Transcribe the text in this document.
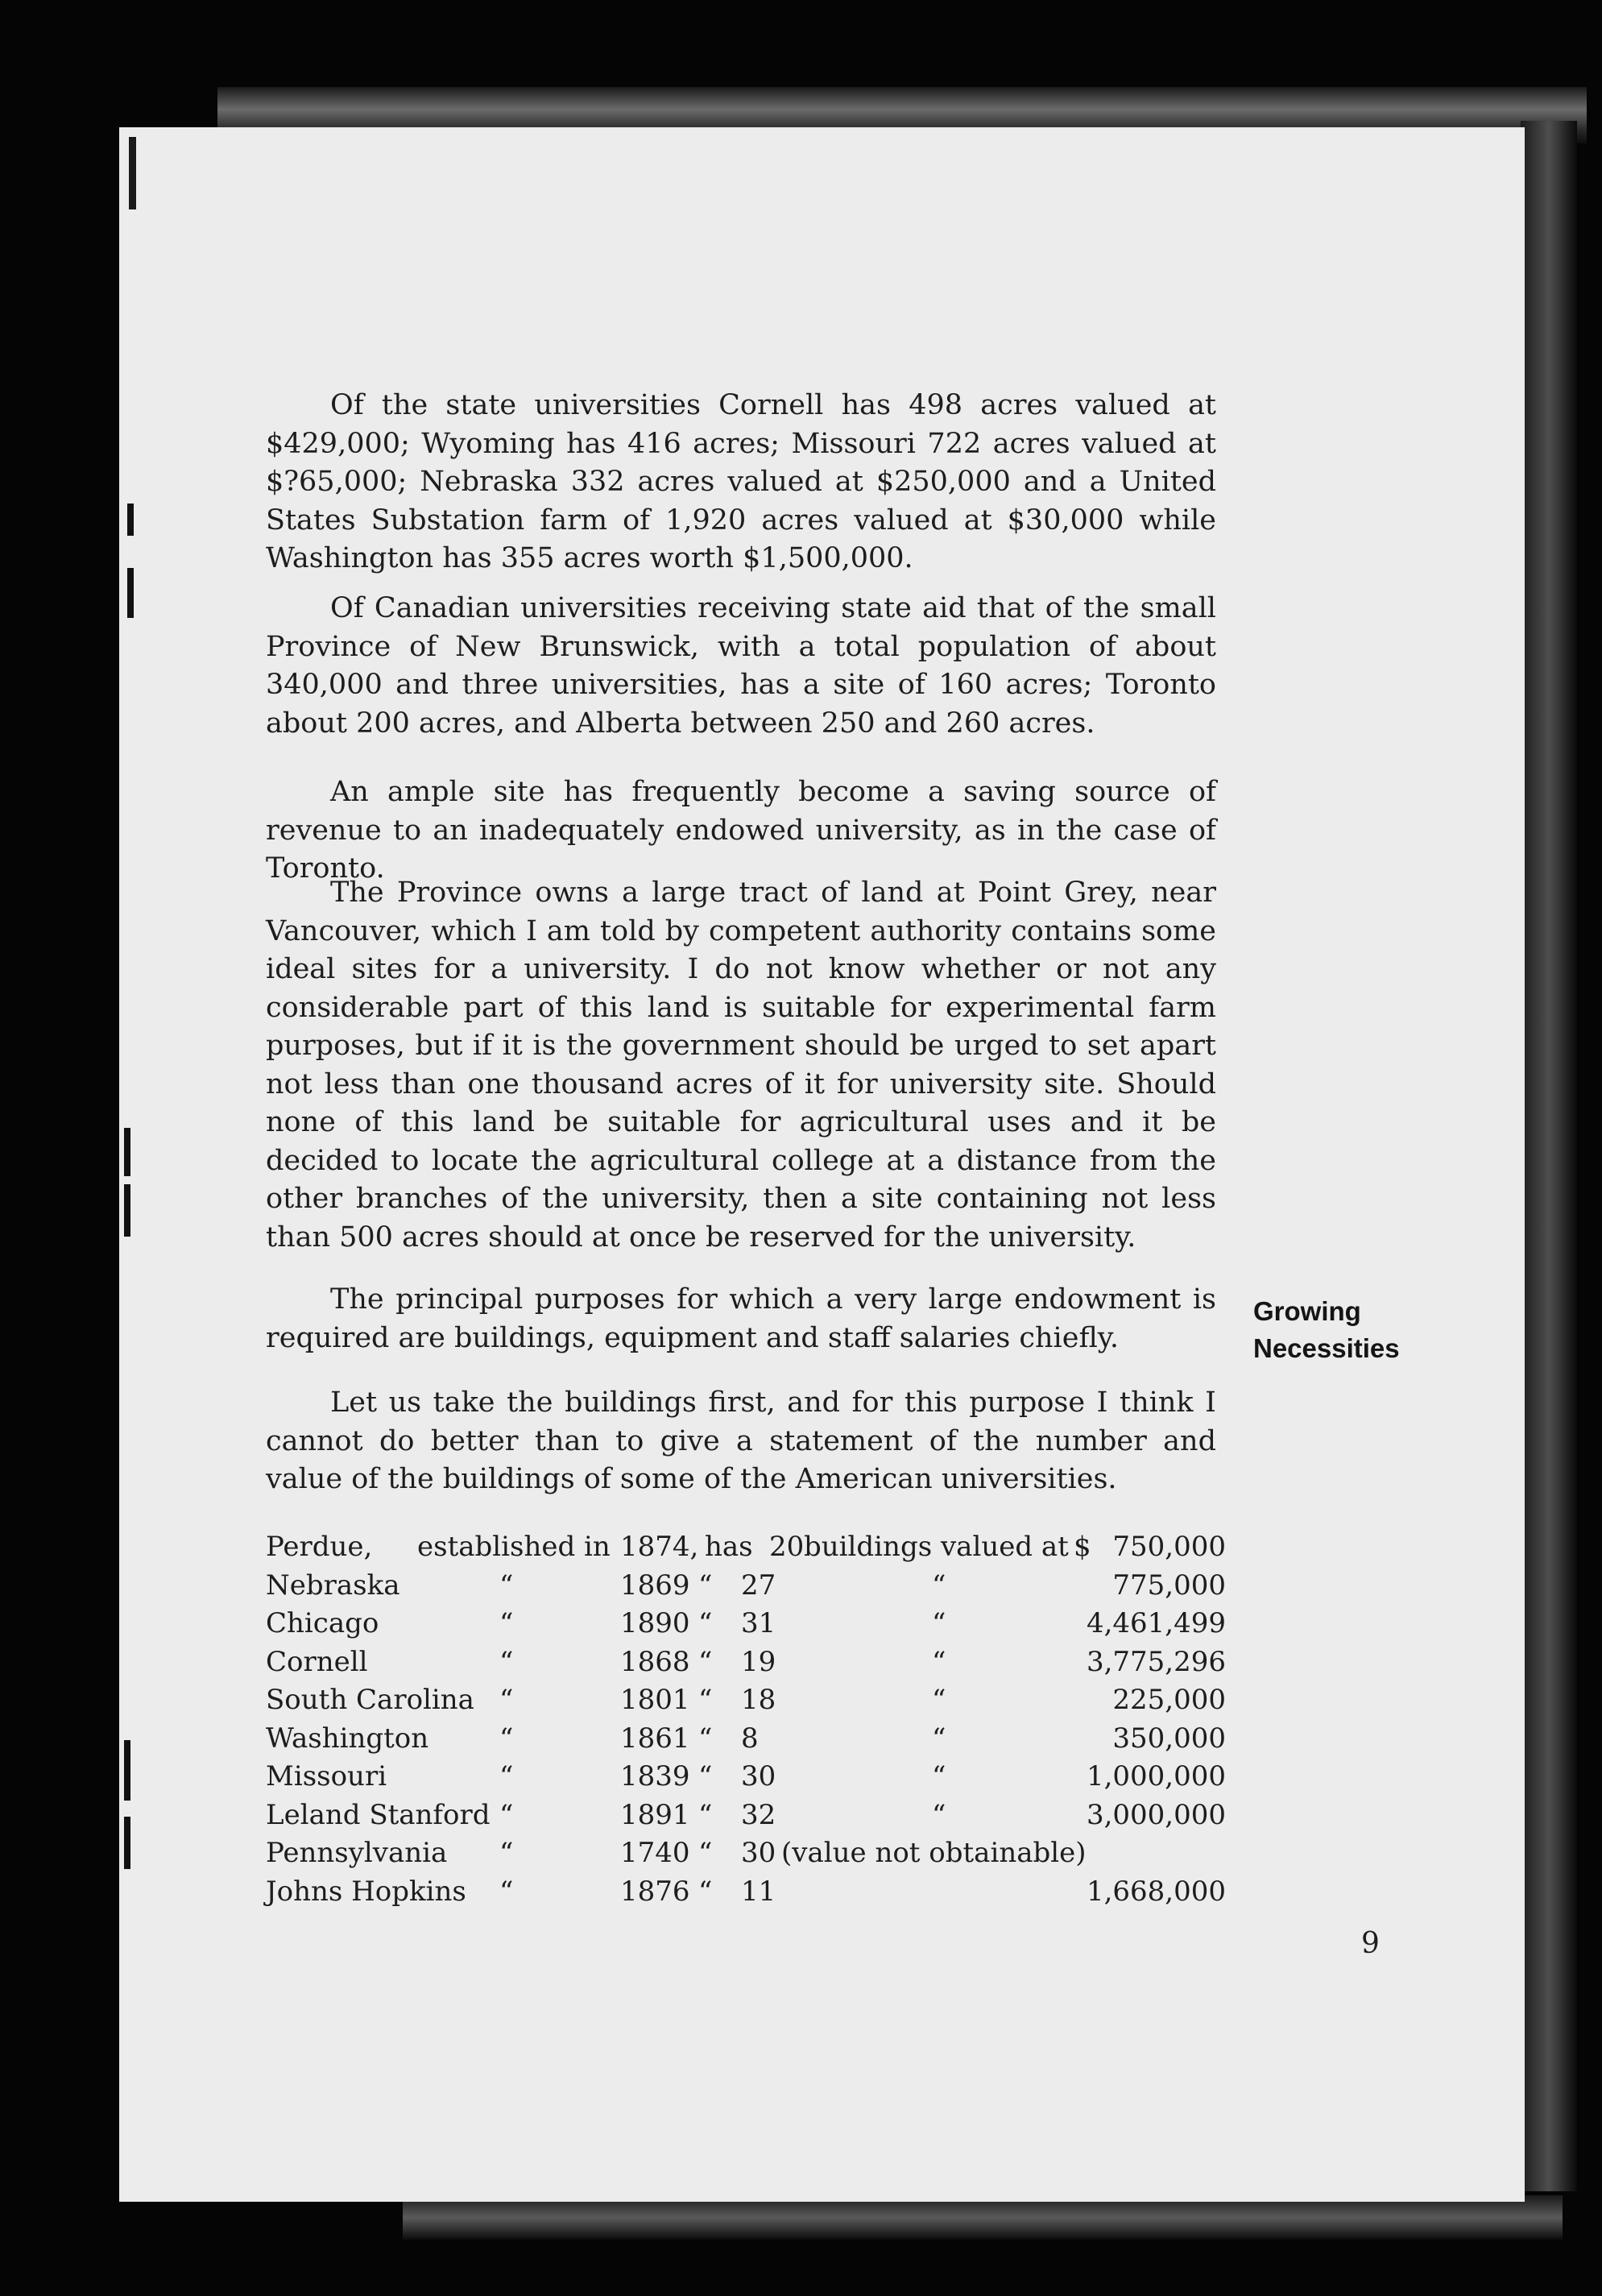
Of the state universities Cornell has 498 acres valued at $429,000; Wyoming has 416 acres; Missouri 722 acres valued at $?65,000; Nebraska 332 acres valued at $250,000 and a United States Substation farm of 1,920 acres valued at $30,000 while Washington has 355 acres worth $1,500,000.

Of Canadian universities receiving state aid that of the small Province of New Brunswick, with a total population of about 340,000 and three universities, has a site of 160 acres; Toronto about 200 acres, and Alberta between 250 and 260 acres.

An ample site has frequently become a saving source of revenue to an inadequately endowed university, as in the case of Toronto.

The Province owns a large tract of land at Point Grey, near Vancouver, which I am told by competent authority contains some ideal sites for a university. I do not know whether or not any considerable part of this land is suitable for experimental farm purposes, but if it is the government should be urged to set apart not less than one thousand acres of it for university site. Should none of this land be suitable for agricultural uses and it be decided to locate the agricultural college at a distance from the other branches of the university, then a site containing not less than 500 acres should at once be reserved for the university.

The principal purposes for which a very large endowment is required are buildings, equipment and staff salaries chiefly.

Let us take the buildings first, and for this purpose I think I cannot do better than to give a statement of the number and value of the buildings of some of the American universities.

Growing
Necessities
Perdue, established in 1874, has 20 buildings valued at $ 750,000
Nebraska	“	1869 “ 27	“	775,000
Chicago	“	1890 “ 31	“	4,461,499
Cornell	“	1868 “ 19	“	3,775,296
South Carolina “	1801 “ 18	“	225,000
Washington	“	1861 “ 8	“	350,000
Missouri	“	1839 “ 30	“	1,000,000
Leland Stanford “	1891 “ 32	“	3,000,000
Pennsylvania “	1740 “ 30 (value not obtainable)
Johns Hopkins “	1876 “ 11	1,668,000
9
